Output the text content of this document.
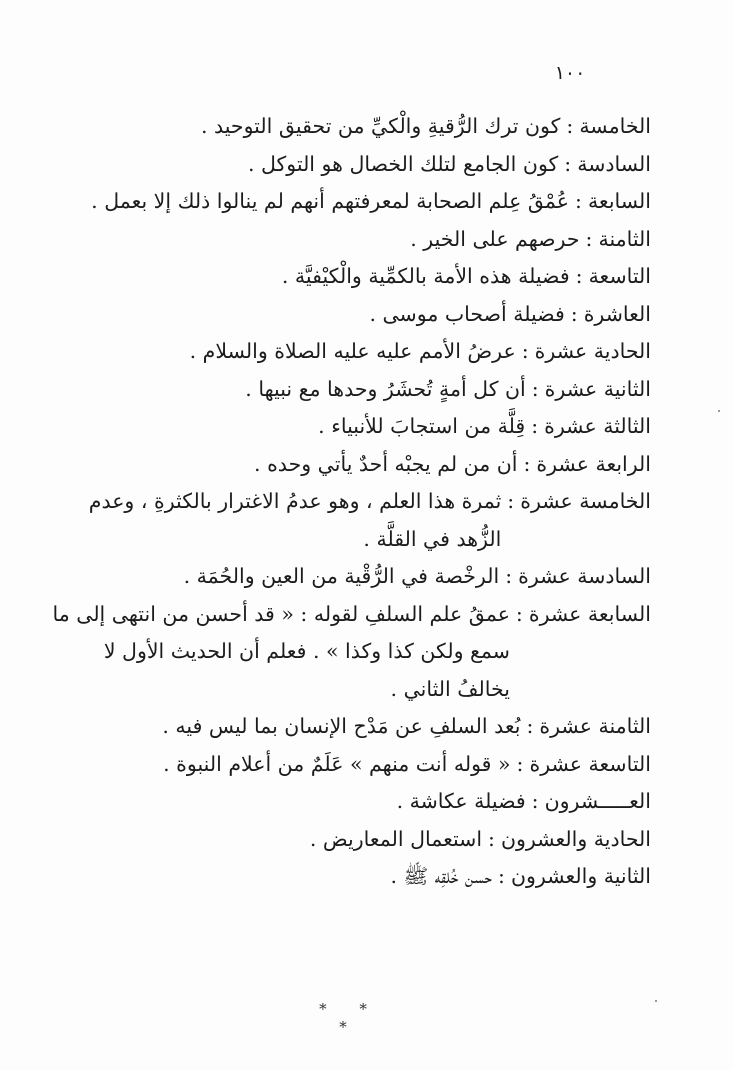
١٠٠
الخامسة
:
كون ترك الرُّقيةِ والْكيِّ من تحقيق التوحيد .
السادسة
:
كون الجامع لتلك الخصال هو التوكل .
السابعة
:
عُمْقُ عِلم الصحابة لمعرفتهم أنهم لم ينالوا ذلك إلا بعمل .
الثامنة
:
حرصهم على الخير .
التاسعة
:
فضيلة هذه الأمة بالكمِّية والْكيْفيَّة .
العاشرة
:
فضيلة أصحاب موسى .
الحادية عشرة
:
عرضُ الأمم عليه عليه الصلاة والسلام .
الثانية عشرة
:
أن كل أمةٍ تُحشَرُ وحدها مع نبيها .
الثالثة عشرة
:
قِلَّة من استجابَ للأنبياء .
الرابعة عشرة
:
أن من لم يجبْه أحدٌ يأتي وحده .
الخامسة عشرة
:
ثمرة هذا العلم ، وهو عدمُ الاغترار بالكثرةِ ، وعدم الزُّهد في القلَّة .
السادسة عشرة
:
الرخْصة في الرُّقْية من العين والحُمَة .
السابعة عشرة
:
عمقُ علم السلفِ لقوله : « قد أحسن من انتهى إلى ما سمع ولكن كذا وكذا » . فعلم أن الحديث الأول لا يخالفُ الثاني .
الثامنة عشرة
:
بُعد السلفِ عن مَدْح الإنسان بما ليس فيه .
التاسعة عشرة
:
« قوله أنت منهم » عَلَمٌ من أعلام النبوة .
العـــــشرون
:
فضيلة عكاشة .
الحادية والعشرون
:
استعمال المعاريض .
الثانية والعشرون
:
حسن خُلقِه ﷺ .
* * *
